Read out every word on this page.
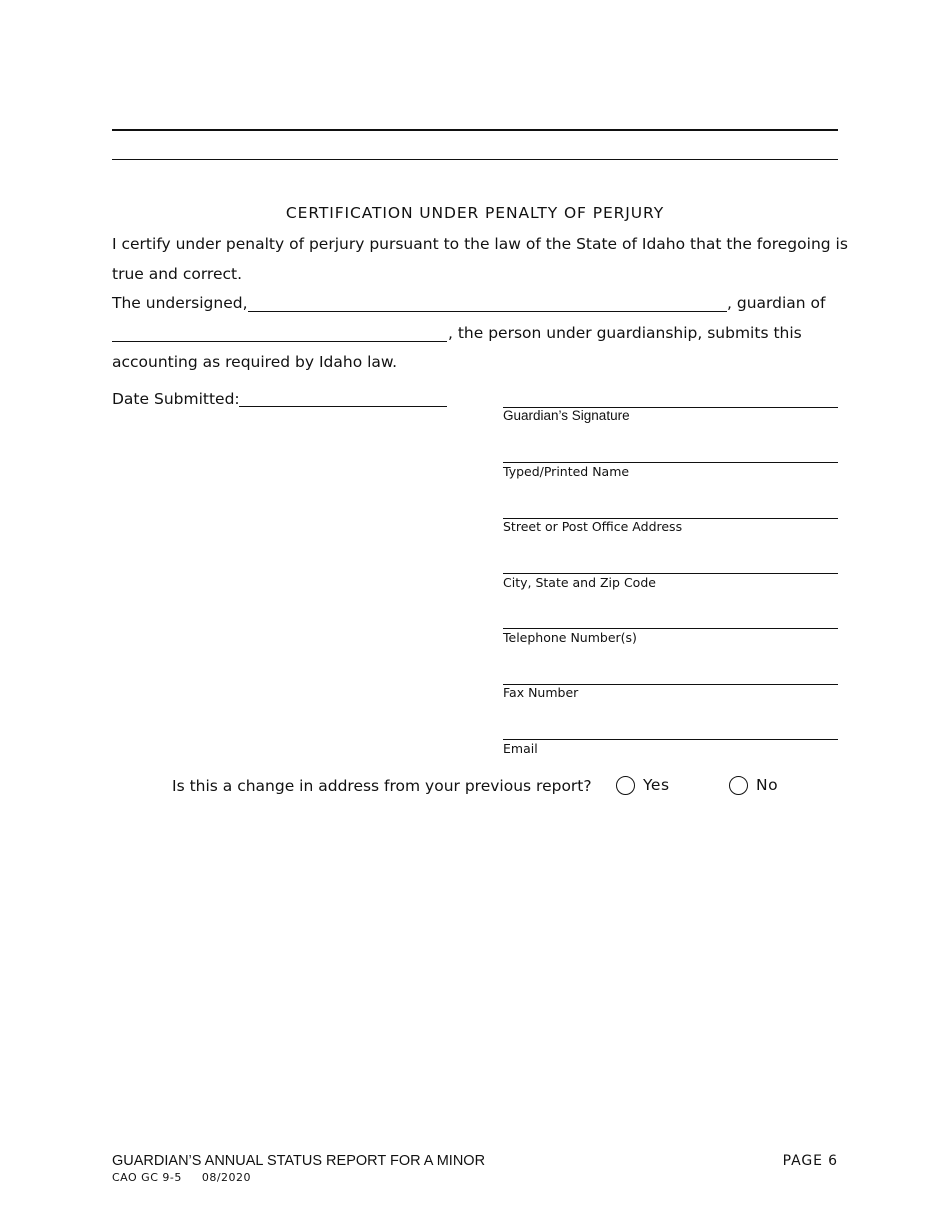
CERTIFICATION UNDER PENALTY OF PERJURY
I certify under penalty of perjury pursuant to the law of the State of Idaho that the foregoing is
true and correct.
The undersigned,	, guardian of
, the person under guardianship, submits this
accounting as required by Idaho law.
Date Submitted:
Guardian’s Signature
Typed/Printed Name
Street or Post Office Address
City, State and Zip Code
Telephone Number(s)
Fax Number
Email
Is this a change in address from your previous report?	Yes	No
GUARDIAN’S ANNUAL STATUS REPORT FOR A MINOR
CAO GC 9-5     08/2020
PAGE 6
